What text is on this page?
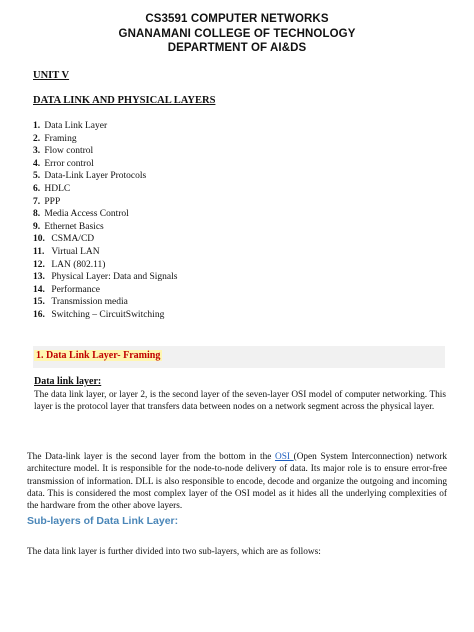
CS3591 COMPUTER NETWORKS
GNANAMANI COLLEGE OF TECHNOLOGY
DEPARTMENT OF AI&DS
UNIT V
DATA LINK AND PHYSICAL LAYERS
1.
Data Link Layer
2.
Framing
3.
Flow control
4.
Error control
5.
Data-Link Layer Protocols
6.
HDLC
7.
PPP
8.
Media Access Control
9.
Ethernet Basics
10.
CSMA/CD
11.
Virtual LAN
12.
LAN (802.11)
13.
Physical Layer: Data and Signals
14.
Performance
15.
Transmission media
16.
Switching – CircuitSwitching
1. Data Link Layer- Framing
Data link layer:

The data link layer, or layer 2, is the second layer of the seven-layer OSI model of computer networking. This layer is the protocol layer that transfers data between nodes on a network segment across the physical layer.

The Data-link layer is the second layer from the bottom in the OSI (Open System Interconnection) network architecture model. It is responsible for the node-to-node delivery of data. Its major role is to ensure error-free transmission of information. DLL is also responsible to encode, decode and organize the outgoing and incoming data. This is considered the most complex layer of the OSI model as it hides all the underlying complexities of the hardware from the other above layers.

Sub-layers of Data Link Layer:

The data link layer is further divided into two sub-layers, which are as follows:
